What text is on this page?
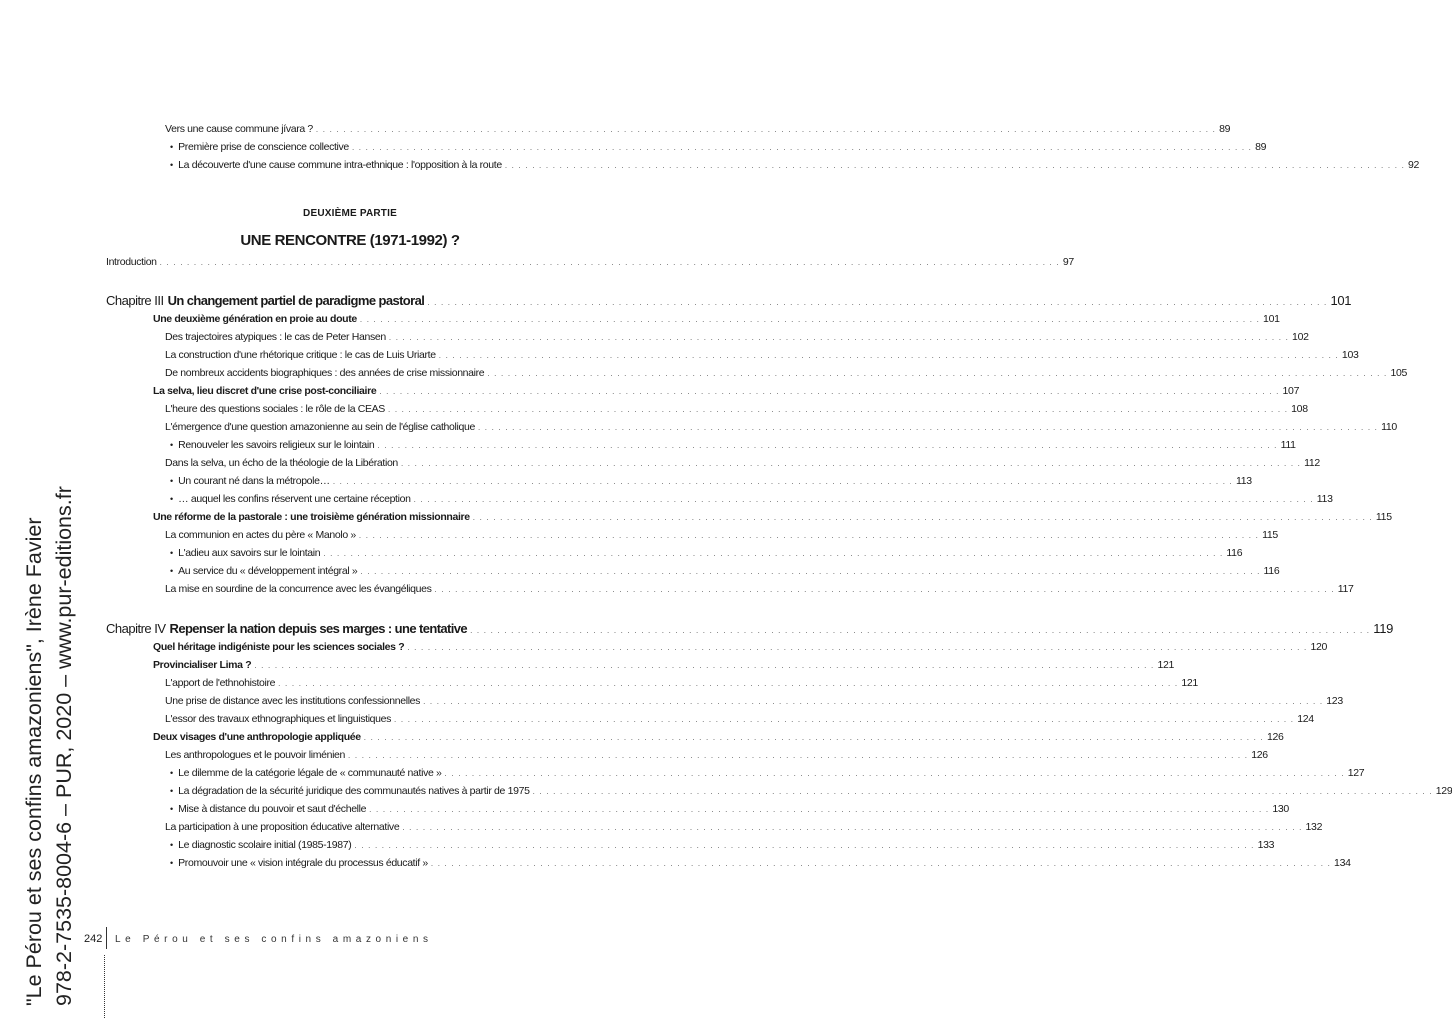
Vers une cause commune jívara ? . . . . . . . . . . . . . . . . . . . . . . . . . . . . . . . . . . . . . . . . . . . . . . . . . . . . . . . . . . . . . . . . . . . . . . . . . . . . . . . . . . . . . . . . . . . . . . . . . . . . . . . . . . . . . . . . . . . . . . . . . . . . . . . . . . . . 89
• Première prise de conscience collective . . . . . . . . . . . . . . . . . . . . . . . . . . . . . . . . . . . . . . . . . . . . . . . . . . . . . . . . . . . . . . . . . . . . . . . . . . . . . . . . . . . . . . . . . . . . . . . . . . . . . . . . . . . . . . . . . . . . . . . . . . . . . . . . . . . . 89
• La découverte d'une cause commune intra-ethnique : l'opposition à la route . . . . . . . . . . . . . . . . . . . . . . . . . . . . . . . . . . . . . . . . . . . . . . . . . . . . . . . . . . . . . . . . . . . . . . . . . . . . . . . . . . . . . . . . . . . . . . . . . . . . . . . . . . . . . . . . . . . . . . . . . . . . . . . . . . . . 92
DEUXIÈME PARTIE
UNE RENCONTRE (1971-1992) ?
Introduction . . . . . . . . . . . . . . . . . . . . . . . . . . . . . . . . . . . . . . . . . . . . . . . . . . . . . . . . . . . . . . . . . . . . . . . . . . . . . . . . . . . . . . . . . . . . . . . . . . . . . . . . . . . . . . . . . . . . . . . . . . . . . . . . . . . . 97
Chapitre III Un changement partiel de paradigme pastoral . . . . . . . . . . . . . . . . . . . . . . . . . . . . . . . . . . . . . . . . . . . . . . . . . . . . . . . . . . . . . . . . . . . . . . . . . . . . . . . . . . . . . . . . . . . . . . . . . . . . . . . . . . . . . . . . . . . . . . . . . . . . . . . . . . . . 101
Une deuxième génération en proie au doute . . . . . . . . . . . . . . . . . . . . . . . . . . . . . . . . . . . . . . . . . . . . . . . . . . . . . . . . . . . . . . . . . . . . . . . . . . . . . . . . . . . . . . . . . . . . . . . . . . . . . . . . . . . . . . . . . . . . . . . . . . . . . . . . . . . . 101
Des trajectoires atypiques : le cas de Peter Hansen . . . . . . . . . . . . . . . . . . . . . . . . . . . . . . . . . . . . . . . . . . . . . . . . . . . . . . . . . . . . . . . . . . . . . . . . . . . . . . . . . . . . . . . . . . . . . . . . . . . . . . . . . . . . . . . . . . . . . . . . . . . . . . . . . . . . 102
La construction d'une rhétorique critique : le cas de Luis Uriarte . . . . . . . . . . . . . . . . . . . . . . . . . . . . . . . . . . . . . . . . . . . . . . . . . . . . . . . . . . . . . . . . . . . . . . . . . . . . . . . . . . . . . . . . . . . . . . . . . . . . . . . . . . . . . . . . . . . . . . . . . . . . . . . . . . . . 103
De nombreux accidents biographiques : des années de crise missionnaire . . . . . . . . . . . . . . . . . . . . . . . . . . . . . . . . . . . . . . . . . . . . . . . . . . . . . . . . . . . . . . . . . . . . . . . . . . . . . . . . . . . . . . . . . . . . . . . . . . . . . . . . . . . . . . . . . . . . . . . . . . . . . . . . . . . . 105
La selva, lieu discret d'une crise post-conciliaire . . . . . . . . . . . . . . . . . . . . . . . . . . . . . . . . . . . . . . . . . . . . . . . . . . . . . . . . . . . . . . . . . . . . . . . . . . . . . . . . . . . . . . . . . . . . . . . . . . . . . . . . . . . . . . . . . . . . . . . . . . . . . . . . . . . . 107
L'heure des questions sociales : le rôle de la CEAS . . . . . . . . . . . . . . . . . . . . . . . . . . . . . . . . . . . . . . . . . . . . . . . . . . . . . . . . . . . . . . . . . . . . . . . . . . . . . . . . . . . . . . . . . . . . . . . . . . . . . . . . . . . . . . . . . . . . . . . . . . . . . . . . . . . . 108
L'émergence d'une question amazonienne au sein de l'église catholique . . . . . . . . . . . . . . . . . . . . . . . . . . . . . . . . . . . . . . . . . . . . . . . . . . . . . . . . . . . . . . . . . . . . . . . . . . . . . . . . . . . . . . . . . . . . . . . . . . . . . . . . . . . . . . . . . . . . . . . . . . . . . . . . . . . . 110
• Renouveler les savoirs religieux sur le lointain . . . . . . . . . . . . . . . . . . . . . . . . . . . . . . . . . . . . . . . . . . . . . . . . . . . . . . . . . . . . . . . . . . . . . . . . . . . . . . . . . . . . . . . . . . . . . . . . . . . . . . . . . . . . . . . . . . . . . . . . . . . . . . . . . . . . 111
Dans la selva, un écho de la théologie de la Libération . . . . . . . . . . . . . . . . . . . . . . . . . . . . . . . . . . . . . . . . . . . . . . . . . . . . . . . . . . . . . . . . . . . . . . . . . . . . . . . . . . . . . . . . . . . . . . . . . . . . . . . . . . . . . . . . . . . . . . . . . . . . . . . . . . . . 112
• Un courant né dans la métropole… . . . . . . . . . . . . . . . . . . . . . . . . . . . . . . . . . . . . . . . . . . . . . . . . . . . . . . . . . . . . . . . . . . . . . . . . . . . . . . . . . . . . . . . . . . . . . . . . . . . . . . . . . . . . . . . . . . . . . . . . . . . . . . . . . . . . 113
• … auquel les confins réservent une certaine réception . . . . . . . . . . . . . . . . . . . . . . . . . . . . . . . . . . . . . . . . . . . . . . . . . . . . . . . . . . . . . . . . . . . . . . . . . . . . . . . . . . . . . . . . . . . . . . . . . . . . . . . . . . . . . . . . . . . . . . . . . . . . . . . . . . . . 113
Une réforme de la pastorale : une troisième génération missionnaire . . . . . . . . . . . . . . . . . . . . . . . . . . . . . . . . . . . . . . . . . . . . . . . . . . . . . . . . . . . . . . . . . . . . . . . . . . . . . . . . . . . . . . . . . . . . . . . . . . . . . . . . . . . . . . . . . . . . . . . . . . . . . . . . . . . . 115
La communion en actes du père « Manolo » . . . . . . . . . . . . . . . . . . . . . . . . . . . . . . . . . . . . . . . . . . . . . . . . . . . . . . . . . . . . . . . . . . . . . . . . . . . . . . . . . . . . . . . . . . . . . . . . . . . . . . . . . . . . . . . . . . . . . . . . . . . . . . . . . . . . 115
• L'adieu aux savoirs sur le lointain . . . . . . . . . . . . . . . . . . . . . . . . . . . . . . . . . . . . . . . . . . . . . . . . . . . . . . . . . . . . . . . . . . . . . . . . . . . . . . . . . . . . . . . . . . . . . . . . . . . . . . . . . . . . . . . . . . . . . . . . . . . . . . . . . . . . 116
• Au service du « développement intégral » . . . . . . . . . . . . . . . . . . . . . . . . . . . . . . . . . . . . . . . . . . . . . . . . . . . . . . . . . . . . . . . . . . . . . . . . . . . . . . . . . . . . . . . . . . . . . . . . . . . . . . . . . . . . . . . . . . . . . . . . . . . . . . . . . . . . 116
La mise en sourdine de la concurrence avec les évangéliques . . . . . . . . . . . . . . . . . . . . . . . . . . . . . . . . . . . . . . . . . . . . . . . . . . . . . . . . . . . . . . . . . . . . . . . . . . . . . . . . . . . . . . . . . . . . . . . . . . . . . . . . . . . . . . . . . . . . . . . . . . . . . . . . . . . . 117
Chapitre IV Repenser la nation depuis ses marges : une tentative . . . . . . . . . . . . . . . . . . . . . . . . . . . . . . . . . . . . . . . . . . . . . . . . . . . . . . . . . . . . . . . . . . . . . . . . . . . . . . . . . . . . . . . . . . . . . . . . . . . . . . . . . . . . . . . . . . . . . . . . . . . . . . . . . . . . 119
Quel héritage indigéniste pour les sciences sociales ? . . . . . . . . . . . . . . . . . . . . . . . . . . . . . . . . . . . . . . . . . . . . . . . . . . . . . . . . . . . . . . . . . . . . . . . . . . . . . . . . . . . . . . . . . . . . . . . . . . . . . . . . . . . . . . . . . . . . . . . . . . . . . . . . . . . . 120
Provincialiser Lima ? . . . . . . . . . . . . . . . . . . . . . . . . . . . . . . . . . . . . . . . . . . . . . . . . . . . . . . . . . . . . . . . . . . . . . . . . . . . . . . . . . . . . . . . . . . . . . . . . . . . . . . . . . . . . . . . . . . . . . . . . . . . . . . . . . . . . 121
L'apport de l'ethnohistoire . . . . . . . . . . . . . . . . . . . . . . . . . . . . . . . . . . . . . . . . . . . . . . . . . . . . . . . . . . . . . . . . . . . . . . . . . . . . . . . . . . . . . . . . . . . . . . . . . . . . . . . . . . . . . . . . . . . . . . . . . . . . . . . . . . . . 121
Une prise de distance avec les institutions confessionnelles . . . . . . . . . . . . . . . . . . . . . . . . . . . . . . . . . . . . . . . . . . . . . . . . . . . . . . . . . . . . . . . . . . . . . . . . . . . . . . . . . . . . . . . . . . . . . . . . . . . . . . . . . . . . . . . . . . . . . . . . . . . . . . . . . . . . 123
L'essor des travaux ethnographiques et linguistiques . . . . . . . . . . . . . . . . . . . . . . . . . . . . . . . . . . . . . . . . . . . . . . . . . . . . . . . . . . . . . . . . . . . . . . . . . . . . . . . . . . . . . . . . . . . . . . . . . . . . . . . . . . . . . . . . . . . . . . . . . . . . . . . . . . . . 124
Deux visages d'une anthropologie appliquée . . . . . . . . . . . . . . . . . . . . . . . . . . . . . . . . . . . . . . . . . . . . . . . . . . . . . . . . . . . . . . . . . . . . . . . . . . . . . . . . . . . . . . . . . . . . . . . . . . . . . . . . . . . . . . . . . . . . . . . . . . . . . . . . . . . . 126
Les anthropologues et le pouvoir liménien . . . . . . . . . . . . . . . . . . . . . . . . . . . . . . . . . . . . . . . . . . . . . . . . . . . . . . . . . . . . . . . . . . . . . . . . . . . . . . . . . . . . . . . . . . . . . . . . . . . . . . . . . . . . . . . . . . . . . . . . . . . . . . . . . . . . 126
• Le dilemme de la catégorie légale de « communauté native » . . . . . . . . . . . . . . . . . . . . . . . . . . . . . . . . . . . . . . . . . . . . . . . . . . . . . . . . . . . . . . . . . . . . . . . . . . . . . . . . . . . . . . . . . . . . . . . . . . . . . . . . . . . . . . . . . . . . . . . . . . . . . . . . . . . . 127
• La dégradation de la sécurité juridique des communautés natives à partir de 1975 . . . . . . . . . . . . . . . . . . . . . . . . . . . . . . . . . . . . . . . . . . . . . . . . . . . . . . . . . . . . . . . . . . . . . . . . . . . . . . . . . . . . . . . . . . . . . . . . . . . . . . . . . . . . . . . . . . . . . . . . . . . . . . . . . . . . 129
• Mise à distance du pouvoir et saut d'échelle . . . . . . . . . . . . . . . . . . . . . . . . . . . . . . . . . . . . . . . . . . . . . . . . . . . . . . . . . . . . . . . . . . . . . . . . . . . . . . . . . . . . . . . . . . . . . . . . . . . . . . . . . . . . . . . . . . . . . . . . . . . . . . . . . . . . 130
La participation à une proposition éducative alternative . . . . . . . . . . . . . . . . . . . . . . . . . . . . . . . . . . . . . . . . . . . . . . . . . . . . . . . . . . . . . . . . . . . . . . . . . . . . . . . . . . . . . . . . . . . . . . . . . . . . . . . . . . . . . . . . . . . . . . . . . . . . . . . . . . . . 132
• Le diagnostic scolaire initial (1985-1987) . . . . . . . . . . . . . . . . . . . . . . . . . . . . . . . . . . . . . . . . . . . . . . . . . . . . . . . . . . . . . . . . . . . . . . . . . . . . . . . . . . . . . . . . . . . . . . . . . . . . . . . . . . . . . . . . . . . . . . . . . . . . . . . . . . . . 133
• Promouvoir une « vision intégrale du processus éducatif » . . . . . . . . . . . . . . . . . . . . . . . . . . . . . . . . . . . . . . . . . . . . . . . . . . . . . . . . . . . . . . . . . . . . . . . . . . . . . . . . . . . . . . . . . . . . . . . . . . . . . . . . . . . . . . . . . . . . . . . . . . . . . . . . . . . . 134
242 Le Pérou et ses confins amazoniens
"Le Pérou et ses confins amazoniens", Irène Favier 978-2-7535-8004-6 – PUR, 2020 – www.pur-editions.fr
